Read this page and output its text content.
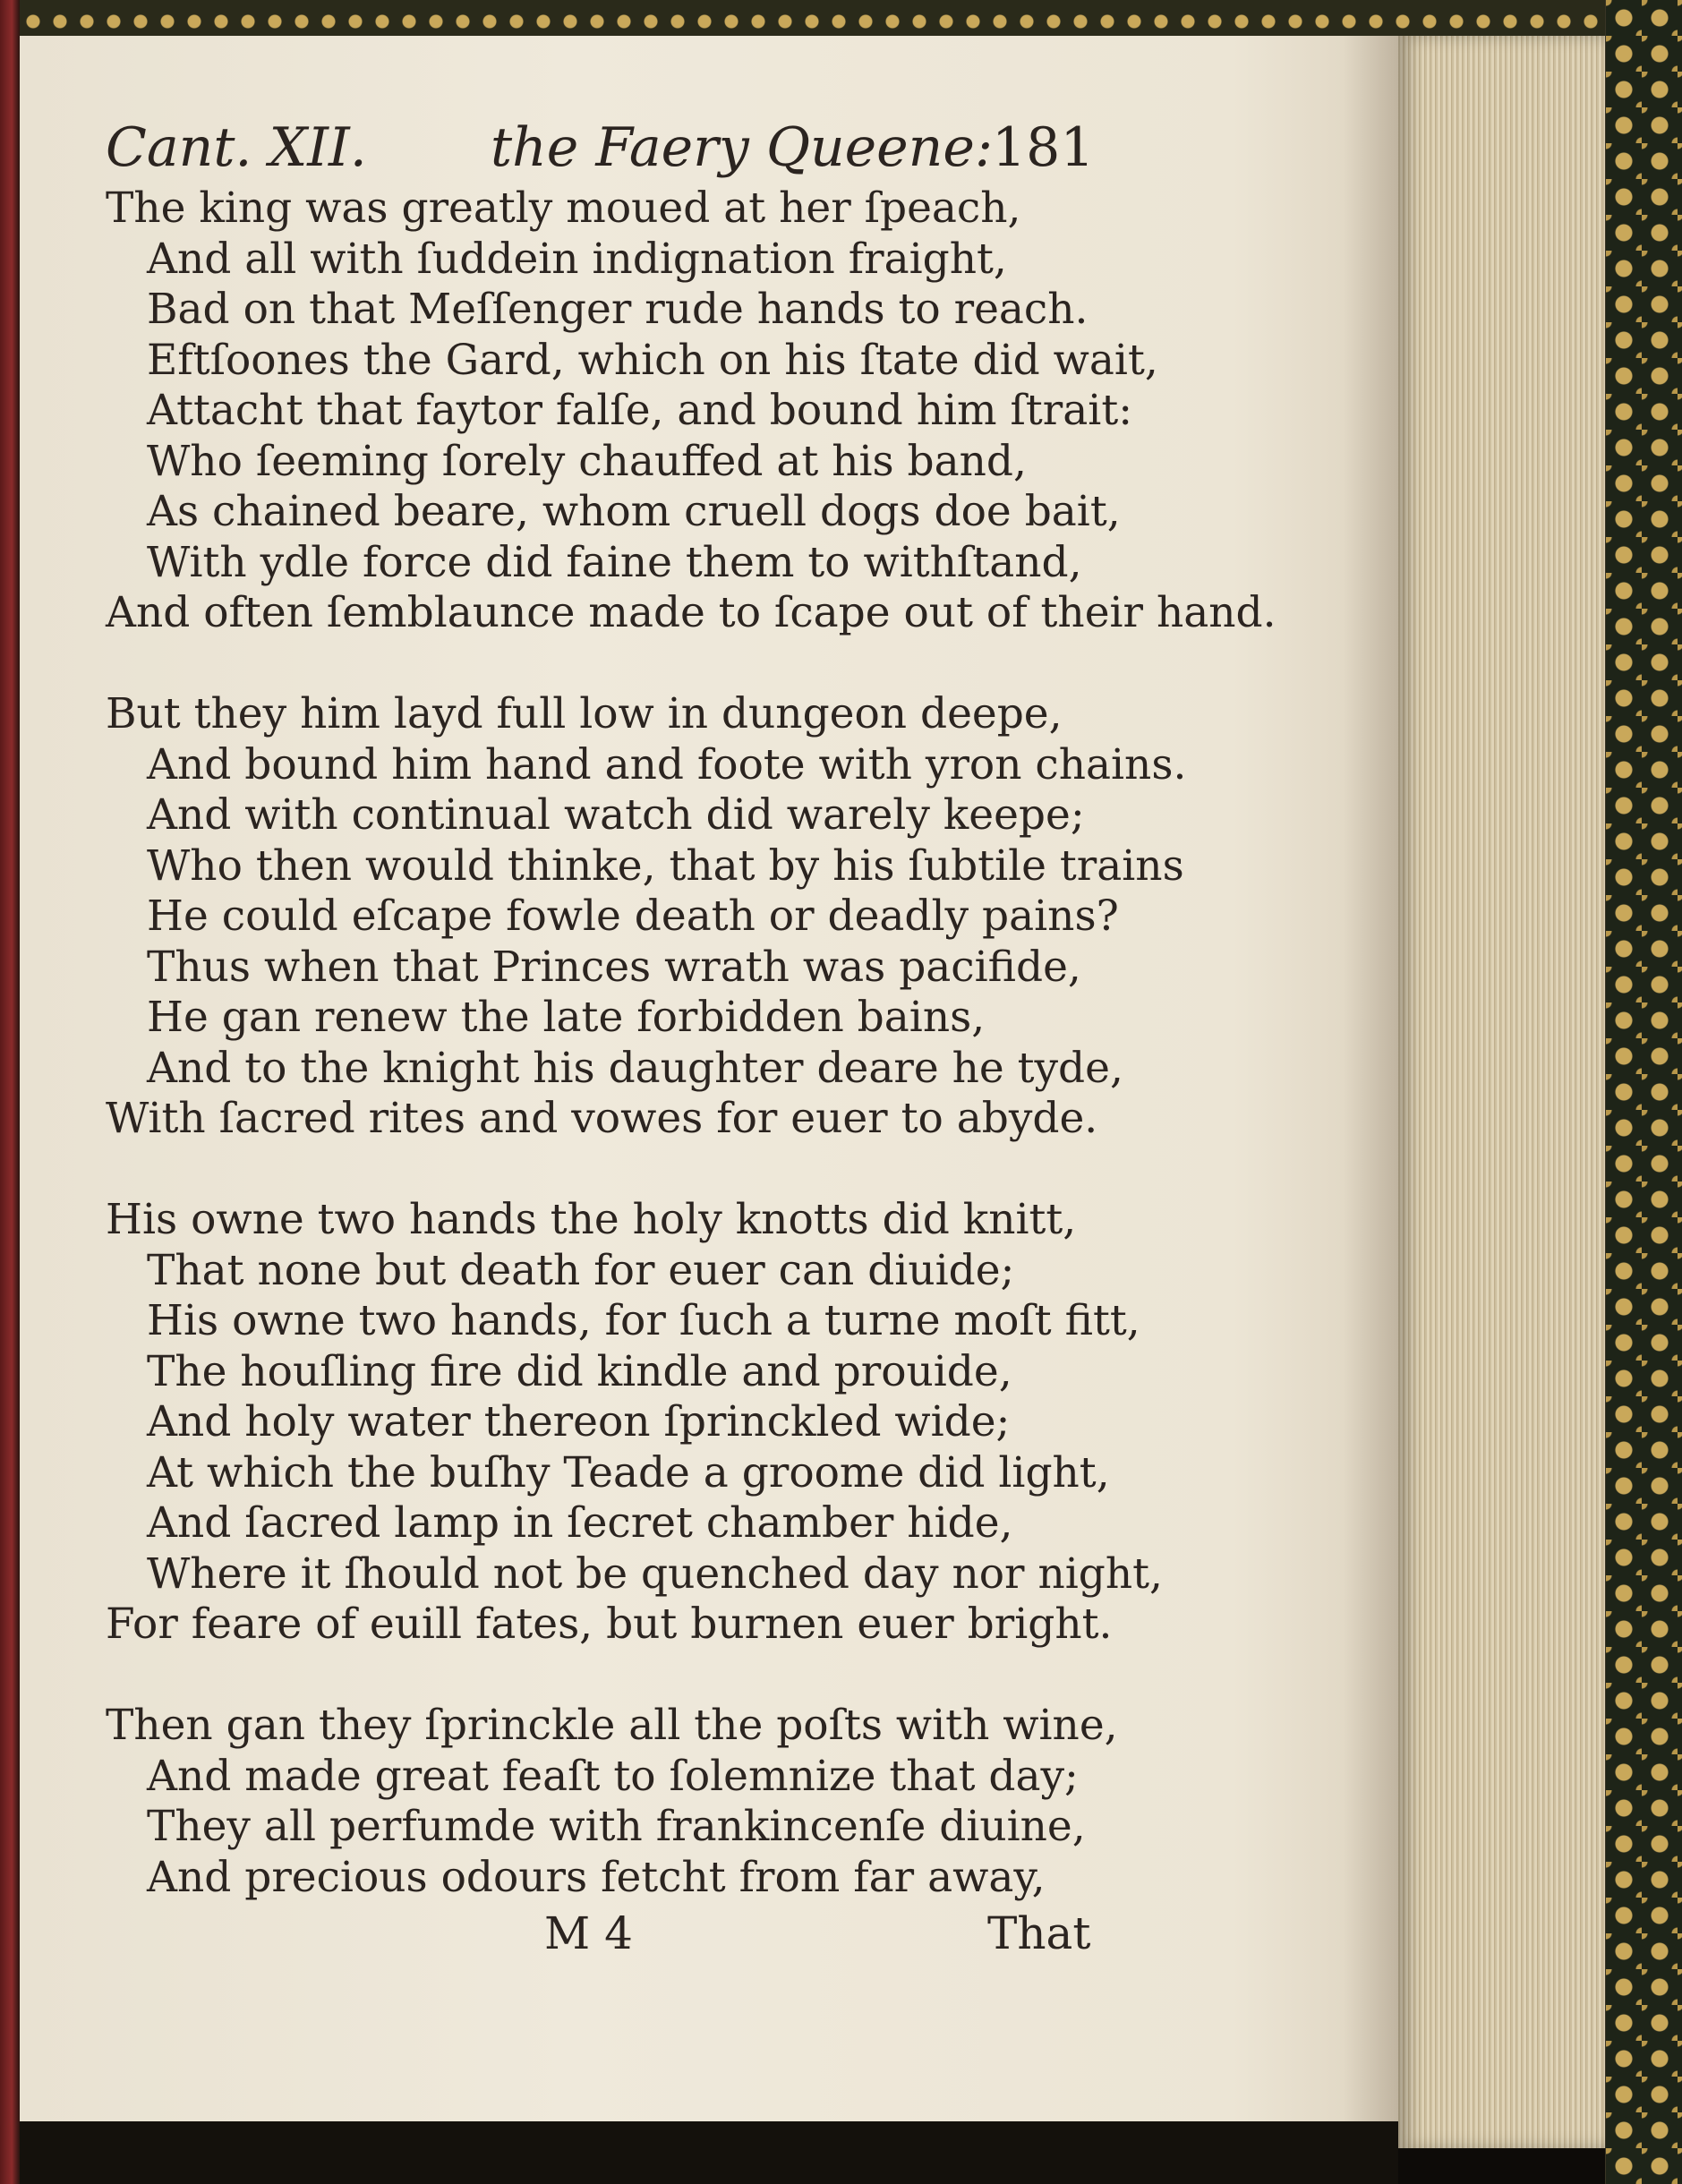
Cant. XII. the Faery Queene:
181
The king was greatly moued at her ſpeach,
And all with ſuddein indignation fraight,
Bad on that Meſſenger rude hands to reach.
Eftſoones the Gard, which on his ſtate did wait,
Attacht that faytor falſe, and bound him ſtrait:
Who ſeeming ſorely chauffed at his band,
As chained beare, whom cruell dogs doe bait,
With ydle force did faine them to withſtand,
And often ſemblaunce made to ſcape out of their hand.
But they him layd full low in dungeon deepe,
And bound him hand and foote with yron chains.
And with continual watch did warely keepe;
Who then would thinke, that by his ſubtile trains
He could eſcape fowle death or deadly pains?
Thus when that Princes wrath was pacifide,
He gan renew the late forbidden bains,
And to the knight his daughter deare he tyde,
With ſacred rites and vowes for euer to abyde.
His owne two hands the holy knotts did knitt,
That none but death for euer can diuide;
His owne two hands, for ſuch a turne moſt fitt,
The houſling fire did kindle and prouide,
And holy water thereon ſprinckled wide;
At which the buſhy Teade a groome did light,
And ſacred lamp in ſecret chamber hide,
Where it ſhould not be quenched day nor night,
For feare of euill fates, but burnen euer bright.
Then gan they ſprinckle all the poſts with wine,
And made great feaſt to ſolemnize that day;
They all perfumde with frankincenſe diuine,
And precious odours fetcht from far away,
M 4	That
